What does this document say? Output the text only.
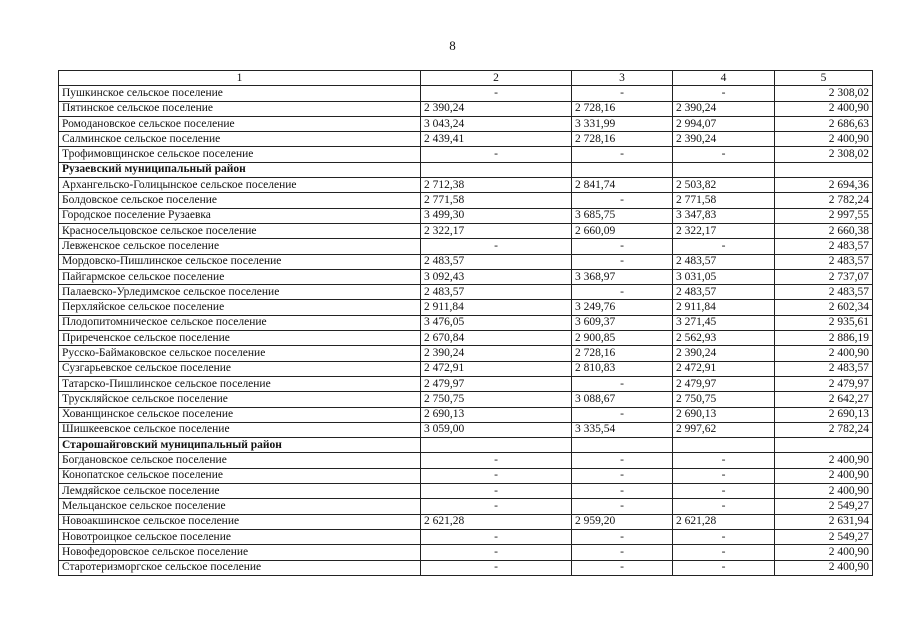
8
1	2	3	4	5
Пушкинское сельское поселение	-	-	-	2 308,02
Пятинское сельское поселение	2 390,24	2 728,16	2 390,24	2 400,90
Ромодановское сельское поселение	3 043,24	3 331,99	2 994,07	2 686,63
Салминское сельское поселение	2 439,41	2 728,16	2 390,24	2 400,90
Трофимовщинское сельское поселение	-	-	-	2 308,02
Рузаевский муниципальный район				
Архангельско-Голицынское сельское поселение	2 712,38	2 841,74	2 503,82	2 694,36
Болдовское сельское поселение	2 771,58	-	2 771,58	2 782,24
Городское поселение Рузаевка	3 499,30	3 685,75	3 347,83	2 997,55
Красносельцовское сельское поселение	2 322,17	2 660,09	2 322,17	2 660,38
Левженское сельское поселение	-	-	-	2 483,57
Мордовско-Пишлинское сельское поселение	2 483,57	-	2 483,57	2 483,57
Пайгармское сельское поселение	3 092,43	3 368,97	3 031,05	2 737,07
Палаевско-Урледимское сельское поселение	2 483,57	-	2 483,57	2 483,57
Перхляйское сельское поселение	2 911,84	3 249,76	2 911,84	2 602,34
Плодопитомническое сельское поселение	3 476,05	3 609,37	3 271,45	2 935,61
Приреченское сельское поселение	2 670,84	2 900,85	2 562,93	2 886,19
Русско-Баймаковское сельское поселение	2 390,24	2 728,16	2 390,24	2 400,90
Сузгарьевское сельское поселение	2 472,91	2 810,83	2 472,91	2 483,57
Татарско-Пишлинское сельское поселение	2 479,97	-	2 479,97	2 479,97
Трускляйское сельское поселение	2 750,75	3 088,67	2 750,75	2 642,27
Хованщинское сельское поселение	2 690,13	-	2 690,13	2 690,13
Шишкеевское сельское поселение	3 059,00	3 335,54	2 997,62	2 782,24
Старошайговский муниципальный район				
Богдановское сельское поселение	-	-	-	2 400,90
Конопатское сельское поселение	-	-	-	2 400,90
Лемдяйское сельское поселение	-	-	-	2 400,90
Мельцанское сельское поселение	-	-	-	2 549,27
Новоакшинское сельское поселение	2 621,28	2 959,20	2 621,28	2 631,94
Новотроицкое сельское поселение	-	-	-	2 549,27
Новофедоровское сельское поселение	-	-	-	2 400,90
Старотеризморгское сельское поселение	-	-	-	2 400,90
